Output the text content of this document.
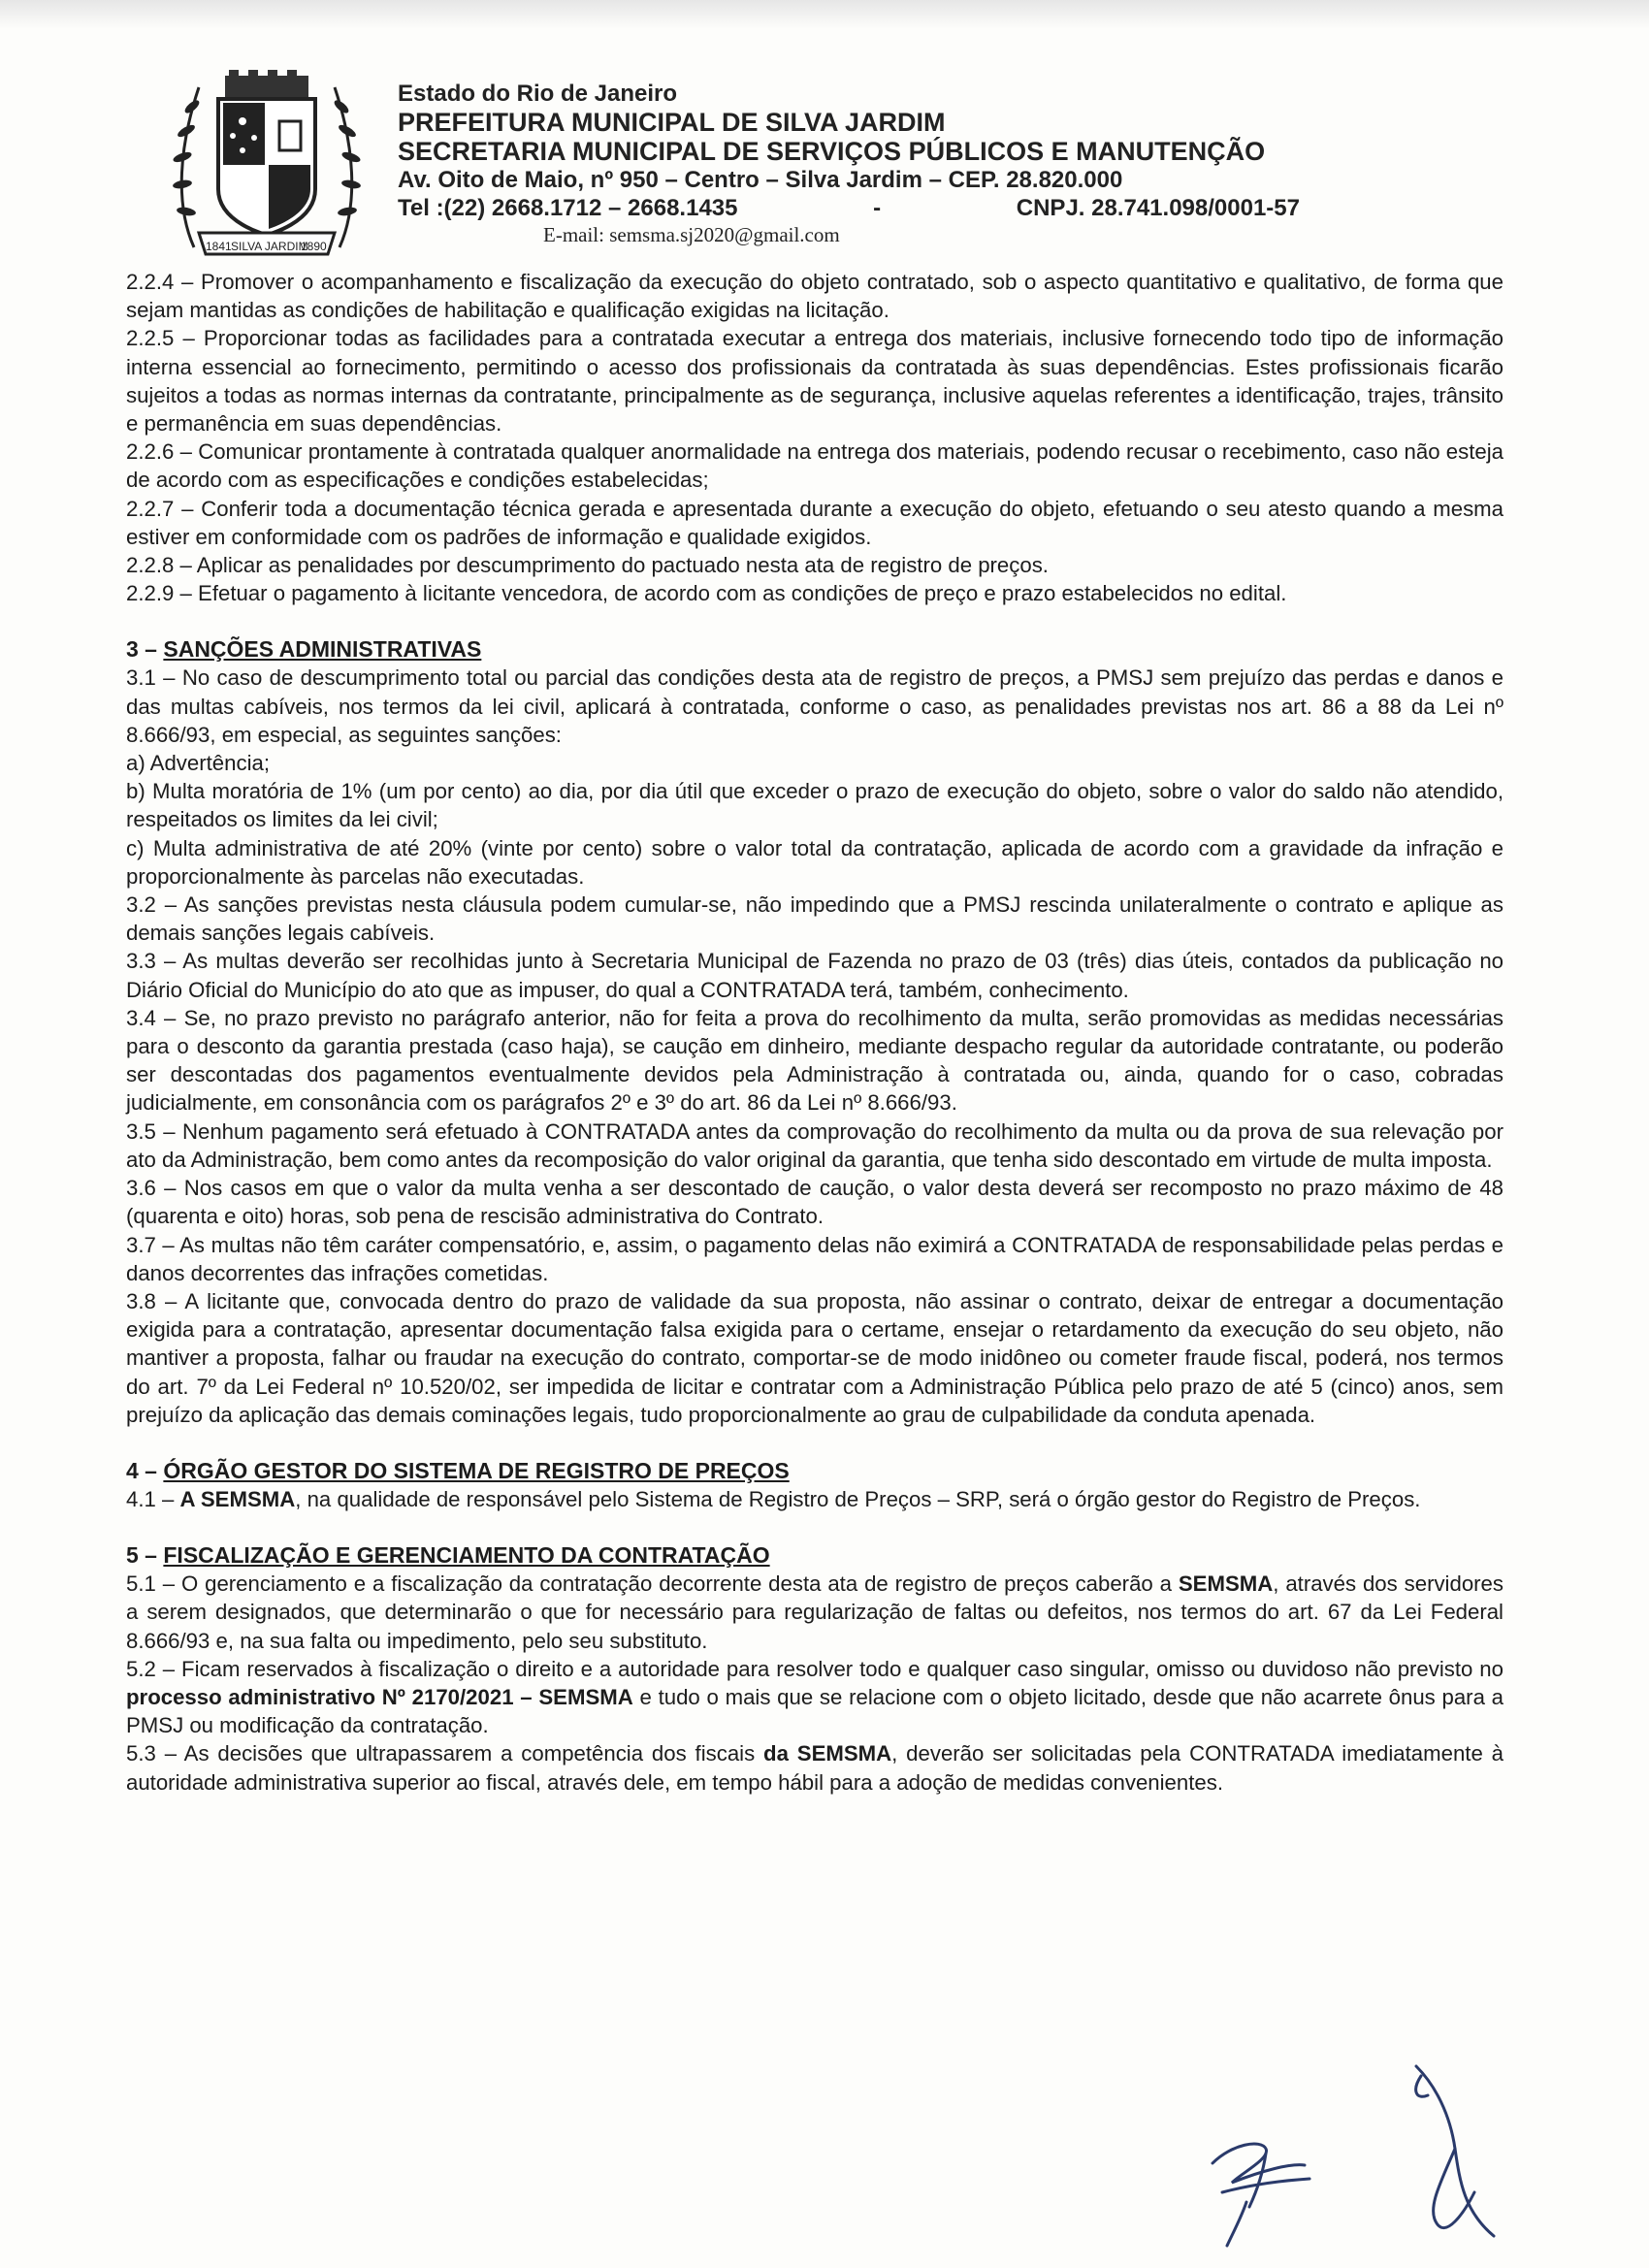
1841 SILVA JARDIM
1890
Estado do Rio de Janeiro
PREFEITURA MUNICIPAL DE SILVA JARDIM
SECRETARIA MUNICIPAL DE SERVIÇOS PÚBLICOS E MANUTENÇÃO
Av. Oito de Maio, nº 950 – Centro – Silva Jardim – CEP. 28.820.000
Tel :(22) 2668.1712 – 2668.1435	-	CNPJ. 28.741.098/0001-57
E-mail: semsma.sj2020@gmail.com

2.2.4 – Promover o acompanhamento e fiscalização da execução do objeto contratado, sob o aspecto quantitativo e qualitativo, de forma que sejam mantidas as condições de habilitação e qualificação exigidas na licitação.

2.2.5 – Proporcionar todas as facilidades para a contratada executar a entrega dos materiais, inclusive fornecendo todo tipo de informação interna essencial ao fornecimento, permitindo o acesso dos profissionais da contratada às suas dependências. Estes profissionais ficarão sujeitos a todas as normas internas da contratante, principalmente as de segurança, inclusive aquelas referentes a identificação, trajes, trânsito e permanência em suas dependências.

2.2.6 – Comunicar prontamente à contratada qualquer anormalidade na entrega dos materiais, podendo recusar o recebimento, caso não esteja de acordo com as especificações e condições estabelecidas;

2.2.7 – Conferir toda a documentação técnica gerada e apresentada durante a execução do objeto, efetuando o seu atesto quando a mesma estiver em conformidade com os padrões de informação e qualidade exigidos.

2.2.8 – Aplicar as penalidades por descumprimento do pactuado nesta ata de registro de preços.

2.2.9 – Efetuar o pagamento à licitante vencedora, de acordo com as condições de preço e prazo estabelecidos no edital.

3 – SANÇÕES ADMINISTRATIVAS

3.1 – No caso de descumprimento total ou parcial das condições desta ata de registro de preços, a PMSJ sem prejuízo das perdas e danos e das multas cabíveis, nos termos da lei civil, aplicará à contratada, conforme o caso, as penalidades previstas nos art. 86 a 88 da Lei nº 8.666/93, em especial, as seguintes sanções:

a) Advertência;

b) Multa moratória de 1% (um por cento) ao dia, por dia útil que exceder o prazo de execução do objeto, sobre o valor do saldo não atendido, respeitados os limites da lei civil;

c) Multa administrativa de até 20% (vinte por cento) sobre o valor total da contratação, aplicada de acordo com a gravidade da infração e proporcionalmente às parcelas não executadas.

3.2 – As sanções previstas nesta cláusula podem cumular-se, não impedindo que a PMSJ rescinda unilateralmente o contrato e aplique as demais sanções legais cabíveis.

3.3 – As multas deverão ser recolhidas junto à Secretaria Municipal de Fazenda no prazo de 03 (três) dias úteis, contados da publicação no Diário Oficial do Município do ato que as impuser, do qual a CONTRATADA terá, também, conhecimento.

3.4 – Se, no prazo previsto no parágrafo anterior, não for feita a prova do recolhimento da multa, serão promovidas as medidas necessárias para o desconto da garantia prestada (caso haja), se caução em dinheiro, mediante despacho regular da autoridade contratante, ou poderão ser descontadas dos pagamentos eventualmente devidos pela Administração à contratada ou, ainda, quando for o caso, cobradas judicialmente, em consonância com os parágrafos 2º e 3º do art. 86 da Lei nº 8.666/93.

3.5 – Nenhum pagamento será efetuado à CONTRATADA antes da comprovação do recolhimento da multa ou da prova de sua relevação por ato da Administração, bem como antes da recomposição do valor original da garantia, que tenha sido descontado em virtude de multa imposta.

3.6 – Nos casos em que o valor da multa venha a ser descontado de caução, o valor desta deverá ser recomposto no prazo máximo de 48 (quarenta e oito) horas, sob pena de rescisão administrativa do Contrato.

3.7 – As multas não têm caráter compensatório, e, assim, o pagamento delas não eximirá a CONTRATADA de responsabilidade pelas perdas e danos decorrentes das infrações cometidas.

3.8 – A licitante que, convocada dentro do prazo de validade da sua proposta, não assinar o contrato, deixar de entregar a documentação exigida para a contratação, apresentar documentação falsa exigida para o certame, ensejar o retardamento da execução do seu objeto, não mantiver a proposta, falhar ou fraudar na execução do contrato, comportar-se de modo inidôneo ou cometer fraude fiscal, poderá, nos termos do art. 7º da Lei Federal nº 10.520/02, ser impedida de licitar e contratar com a Administração Pública pelo prazo de até 5 (cinco) anos, sem prejuízo da aplicação das demais cominações legais, tudo proporcionalmente ao grau de culpabilidade da conduta apenada.

4 – ÓRGÃO GESTOR DO SISTEMA DE REGISTRO DE PREÇOS

4.1 – A SEMSMA, na qualidade de responsável pelo Sistema de Registro de Preços – SRP, será o órgão gestor do Registro de Preços.

5 – FISCALIZAÇÃO E GERENCIAMENTO DA CONTRATAÇÃO

5.1 – O gerenciamento e a fiscalização da contratação decorrente desta ata de registro de preços caberão a SEMSMA, através dos servidores a serem designados, que determinarão o que for necessário para regularização de faltas ou defeitos, nos termos do art. 67 da Lei Federal 8.666/93 e, na sua falta ou impedimento, pelo seu substituto.

5.2 – Ficam reservados à fiscalização o direito e a autoridade para resolver todo e qualquer caso singular, omisso ou duvidoso não previsto no processo administrativo Nº 2170/2021 – SEMSMA e tudo o mais que se relacione com o objeto licitado, desde que não acarrete ônus para a PMSJ ou modificação da contratação.

5.3 – As decisões que ultrapassarem a competência dos fiscais da SEMSMA, deverão ser solicitadas pela CONTRATADA imediatamente à autoridade administrativa superior ao fiscal, através dele, em tempo hábil para a adoção de medidas convenientes.
